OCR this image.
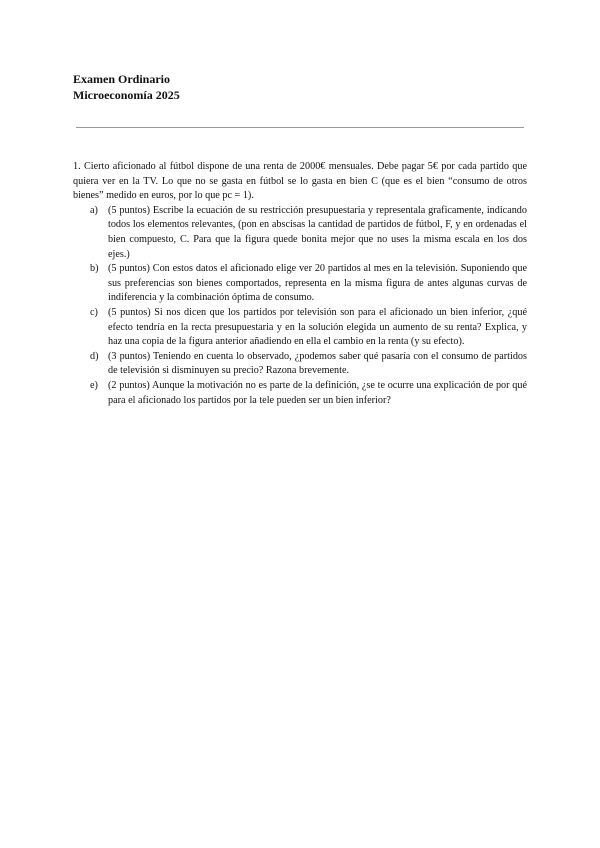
Examen Ordinario
Microeconomía 2025

1. Cierto aficionado al fútbol dispone de una renta de 2000€ mensuales. Debe pagar 5€ por cada partido que quiera ver en la TV. Lo que no se gasta en fútbol se lo gasta en bien C (que es el bien “consumo de otros bienes” medido en euros, por lo que pc = 1).

a) (5 puntos) Escribe la ecuación de su restricción presupuestaria y representala graficamente, indicando todos los elementos relevantes, (pon en abscisas la cantidad de partidos de fútbol, F, y en ordenadas el bien compuesto, C. Para que la figura quede bonita mejor que no uses la misma escala en los dos ejes.)
b) (5 puntos) Con estos datos el aficionado elige ver 20 partidos al mes en la televisión. Suponiendo que sus preferencias son bienes comportados, representa en la misma figura de antes algunas curvas de indiferencia y la combinación óptima de consumo.
c) (5 puntos) Si nos dicen que los partidos por televisión son para el aficionado un bien inferior, ¿qué efecto tendría en la recta presupuestaria y en la solución elegida un aumento de su renta? Explica, y haz una copia de la figura anterior añadiendo en ella el cambio en la renta (y su efecto).
d) (3 puntos) Teniendo en cuenta lo observado, ¿podemos saber qué pasaría con el consumo de partidos de televisión si disminuyen su precio? Razona brevemente.
e) (2 puntos) Aunque la motivación no es parte de la definición, ¿se te ocurre una explicación de por qué para el aficionado los partidos por la tele pueden ser un bien inferior?
